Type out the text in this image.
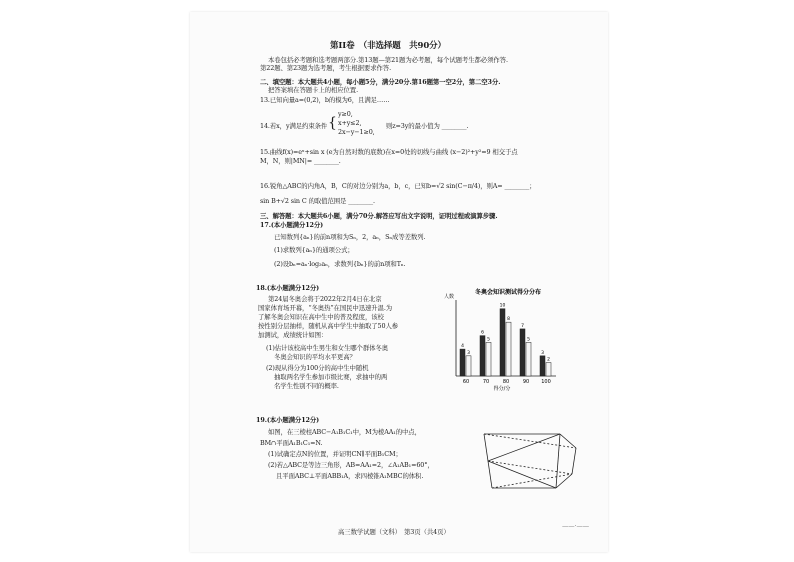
第II卷　（非选择题　共90分）
本卷包括必考题和选考题两部分.第13题—第21题为必考题，每个试题考生都必须作答.
第22题、第23题为选考题，考生根据要求作答.
二、填空题：本大题共4小题，每小题5分，满分20分.第16题第一空2分，第二空3分.
把答案填在答题卡上的相应位置.
13.已知向量a=(0,2)，b的模为6，且满足……
14.若x，y满足约束条件 {
y≥0,
x+y≤2,
2x−y−1≥0,
则z=3y的最小值为 ________.
15.曲线f(x)=eˣ+sin x (e为自然对数的底数)在x=0处的切线与曲线 (x−2)²+y²=9 相交于点
M，N，则|MN|= ________.
16.锐角△ABC的内角A，B，C的对边分别为a，b，c，已知b=√2 sin(C−π/4)，则A= ________；
sin B+√2 sin C 的取值范围是 ________.
三、解答题：本大题共6小题，满分70分.解答应写出文字说明，证明过程或演算步骤.
17.(本小题满分12分)
已知数列{aₙ}的前n项和为Sₙ，2，aₙ，Sₙ成等差数列.
(1)求数列{aₙ}的通项公式；
(2)设bₙ=aₙ·log₂aₙ，求数列{bₙ}的前n项和Tₙ.
18.(本小题满分12分)
第24届冬奥会将于2022年2月4日在北京
国家体育场开幕，“冬奥热”在国民中迅速升温.为
了解冬奥会知识在高中生中的普及程度，该校
按性别分层抽样，随机从高中学生中抽取了50人参
加测试，成绩统计如图：
(1)估计该校高中生男生和女生哪个群体冬奥
冬奥会知识的平均水平更高？
(2)现从得分为100分的高中生中随机
抽取两名学生参加市级比赛，求抽中的两
名学生性别不同的概率.
冬奥会知识测试得分分布
人数
4
3
6
5
10
8
7
5
3
2
60	70	80	90 100
得分/分
19.(本小题满分12分)
如图，在三棱柱ABC−A₁B₁C₁中，M为棱AA₁的中点，
BM∩平面A₁B₁C₁=N.
(1)试确定点N的位置，并证明CN∥平面B₁CM；
(2)若△ABC是等边三角形，AB=AA₁=2，∠A₁AB₁=60°，
且平面ABC⊥平面ABB₁A，求四棱锥A₁MBC的体积.
高三数学试题（文科）　第3页（共4页）
——·——
